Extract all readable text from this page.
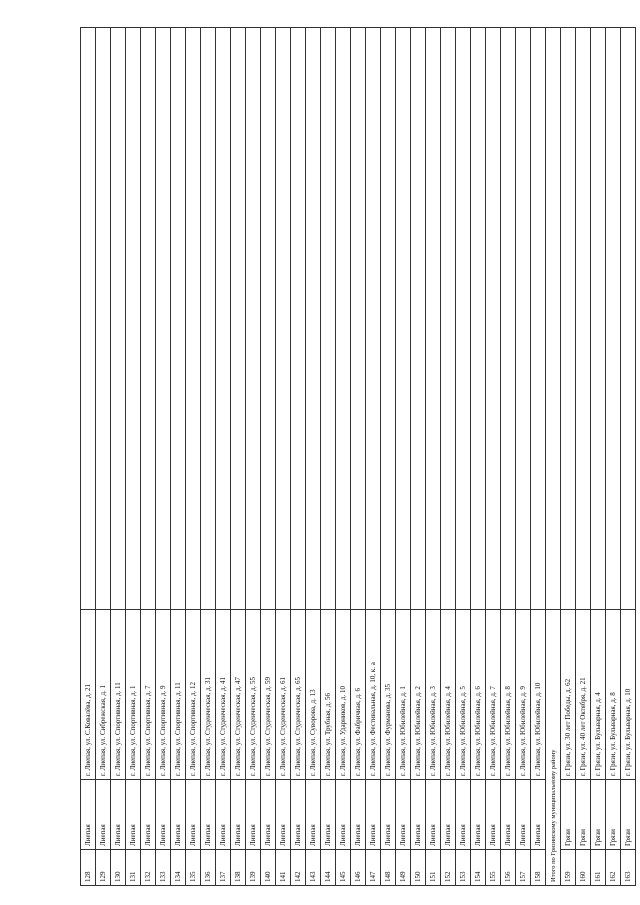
128	Лиепая	г. Лиепая, ул. С.Ковалёва, д. 21	
129	Лиепая	г. Лиепая, ул. Сибрежская, д. 1	
130	Лиепая	г. Лиепая, ул. Спортивная, д. 11	
131	Лиепая	г. Лиепая, ул. Спортивная, д. 1	
132	Лиепая	г. Лиепая, ул. Спортивная, д. 7	
133	Лиепая	г. Лиепая, ул. Спортивная, д. 9	
134	Лиепая	г. Лиепая, ул. Спортивная, д. 11	
135	Лиепая	г. Лиепая, ул. Спортивная, д. 12	
136	Лиепая	г. Лиепая, ул. Студенческая, д. 31	
137	Лиепая	г. Лиепая, ул. Студенческая, д. 41	
138	Лиепая	г. Лиепая, ул. Студенческая, д. 47	
139	Лиепая	г. Лиепая, ул. Студенческая, д. 55	
140	Лиепая	г. Лиепая, ул. Студенческая, д. 59	
141	Лиепая	г. Лиепая, ул. Студенческая, д. 61	
142	Лиепая	г. Лиепая, ул. Студенческая, д. 65	
143	Лиепая	г. Лиепая, ул. Суворова, д. 13	
144	Лиепая	г. Лиепая, ул. Трубная, д. 56	
145	Лиепая	г. Лиепая, ул. Ударников, д. 10	
146	Лиепая	г. Лиепая, ул. Фабричная, д. 6	
147	Лиепая	г. Лиепая, ул. Фестивальная, д. 10, к. а	
148	Лиепая	г. Лиепая, ул. Фурманова, д. 35	
149	Лиепая	г. Лиепая, ул. Юбилейная, д. 1	
150	Лиепая	г. Лиепая, ул. Юбилейная, д. 2	
151	Лиепая	г. Лиепая, ул. Юбилейная, д. 3	
152	Лиепая	г. Лиепая, ул. Юбилейная, д. 4	
153	Лиепая	г. Лиепая, ул. Юбилейная, д. 5	
154	Лиепая	г. Лиепая, ул. Юбилейная, д. 6	
155	Лиепая	г. Лиепая, ул. Юбилейная, д. 7	
156	Лиепая	г. Лиепая, ул. Юбилейная, д. 8	
157	Лиепая	г. Лиепая, ул. Юбилейная, д. 9	
158	Лиепая	г. Лиепая, ул. Юбилейная, д. 10	
Итого по Грязинскому муниципальному району			
159	Грязи	г. Грязи, ул. 30 лет Победы, д. 62	
160	Грязи	г. Грязи, ул. 40 лет Октября, д. 21	
161	Грязи	г. Грязи, ул. Бульварная, д. 4	
162	Грязи	г. Грязи, ул. Бульварная, д. 8	
163	Грязи	г. Грязи, ул. Бульварная, д. 10	
